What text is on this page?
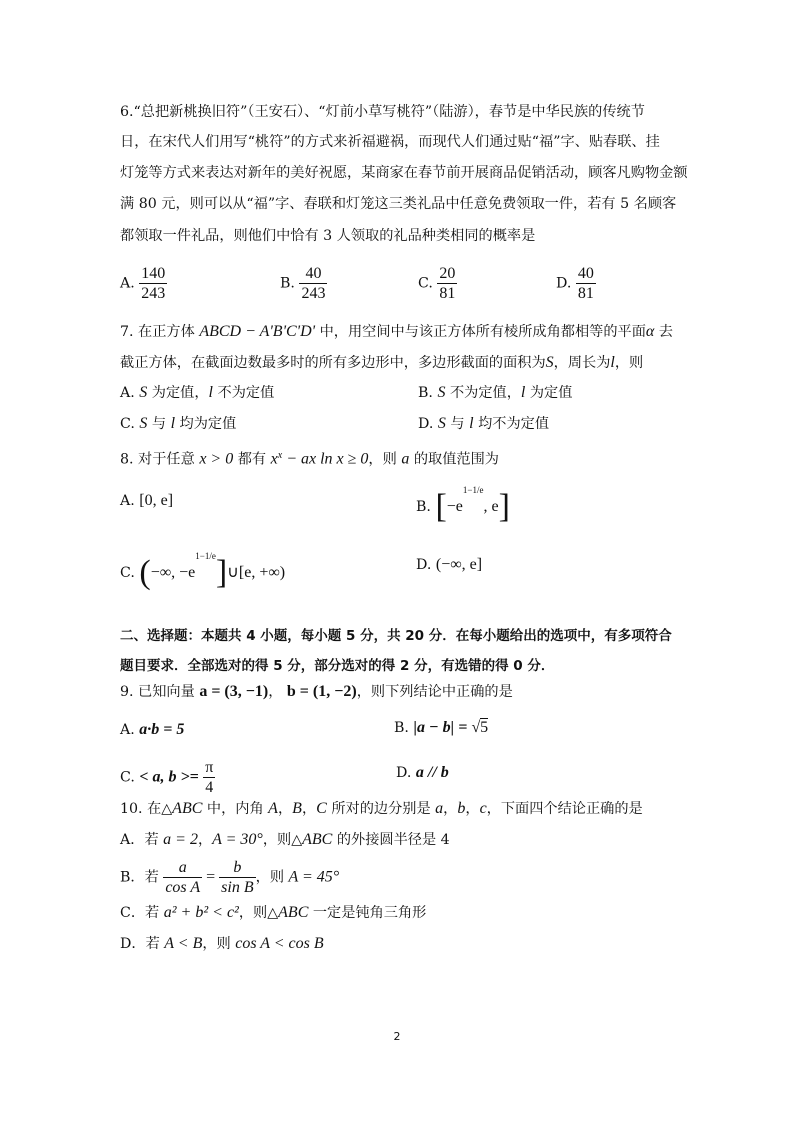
6.“总把新桃换旧符”（王安石）、“灯前小草写桃符”（陆游），春节是中华民族的传统节
日，在宋代人们用写“桃符”的方式来祈福避祸，而现代人们通过贴“福”字、贴春联、挂
灯笼等方式来表达对新年的美好祝愿，某商家在春节前开展商品促销活动，顾客凡购物金额
满 80 元，则可以从“福”字、春联和灯笼这三类礼品中任意免费领取一件，若有 5 名顾客
都领取一件礼品，则他们中恰有 3 人领取的礼品种类相同的概率是
A. $\frac{140}{243}$	B. $\frac{40}{243}$	C. $\frac{20}{81}$	D. $\frac{40}{81}$
7. 在正方体 ABCD − A'B'C'D' 中，用空间中与该正方体所有棱所成角都相等的平面α 去
截正方体，在截面边数最多时的所有多边形中，多边形截面的面积为S，周长为l，则
A. S 为定值，l 不为定值	B. S 不为定值，l 为定值
C. S 与 l 均为定值	D. S 与 l 均不为定值
8. 对于任意 x > 0 都有 $x^x$ − ax ln x ≥ 0，则 a 的取值范围为
A. [0, e]	B. [$-e^{1-1/e}$, e]
C. (−∞, $-e^{1-1/e}]\cup[e$, +∞)	D. (−∞, e]
二、选择题：本题共 4 小题，每小题 5 分，共 20 分．在每小题给出的选项中，有多项符合
题目要求．全部选对的得 5 分，部分选对的得 2 分，有选错的得 0 分．
9. 已知向量 a = (3, −1)， b = (1, −2)，则下列结论中正确的是
A. a·b = 5	B. |a − b| = √5
C. < a, $b >= \frac{\pi}{4}$	D. a // b
10. 在△ABC 中，内角 A，B，C 所对的边分别是 a，b，c，下面四个结论正确的是
A．若 a = 2，A = 30°，则△ABC 的外接圆半径是 4
B．若 $\frac{a}{\text{cos A}} = \frac{b}{\text{sin B}}$ ，则 A = 45°
C．若 a² + b² < c²，则△ABC 一定是钝角三角形
D．若 A < B，则 cos A < cos B
2
